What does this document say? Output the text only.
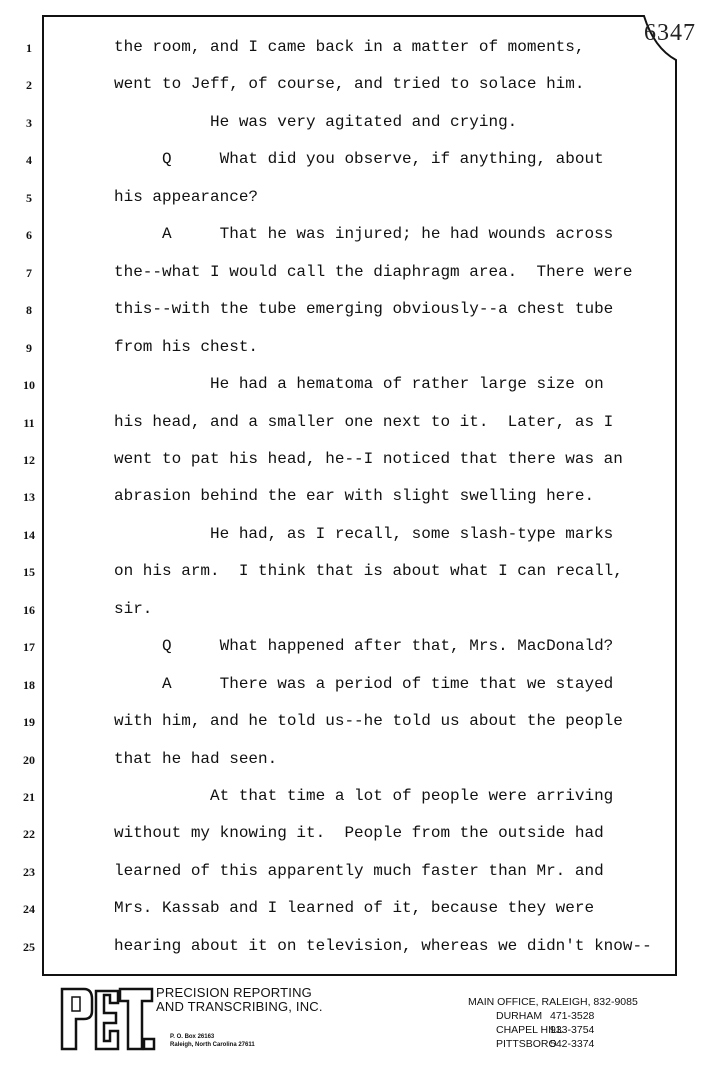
6347
1	the room, and I came back in a matter of moments,
2	went to Jeff, of course, and tried to solace him.
3	He was very agitated and crying.
4	Q     What did you observe, if anything, about
5	his appearance?
6	A     That he was injured; he had wounds across
7	the--what I would call the diaphragm area.  There were
8	this--with the tube emerging obviously--a chest tube
9	from his chest.
10	He had a hematoma of rather large size on
11	his head, and a smaller one next to it.  Later, as I
12	went to pat his head, he--I noticed that there was an
13	abrasion behind the ear with slight swelling here.
14	He had, as I recall, some slash-type marks
15	on his arm.  I think that is about what I can recall,
16	sir.
17	Q     What happened after that, Mrs. MacDonald?
18	A     There was a period of time that we stayed
19	with him, and he told us--he told us about the people
20	that he had seen.
21	At that time a lot of people were arriving
22	without my knowing it.  People from the outside had
23	learned of this apparently much faster than Mr. and
24	Mrs. Kassab and I learned of it, because they were
25	hearing about it on television, whereas we didn't know--
PRECISION REPORTING
AND TRANSCRIBING, INC.
P. O. Box 26163
Raleigh, North Carolina 27611
MAIN OFFICE, RALEIGH, 832-9085
DURHAM 471-3528
CHAPEL HILL
933-3754
PITTSBORO
542-3374
